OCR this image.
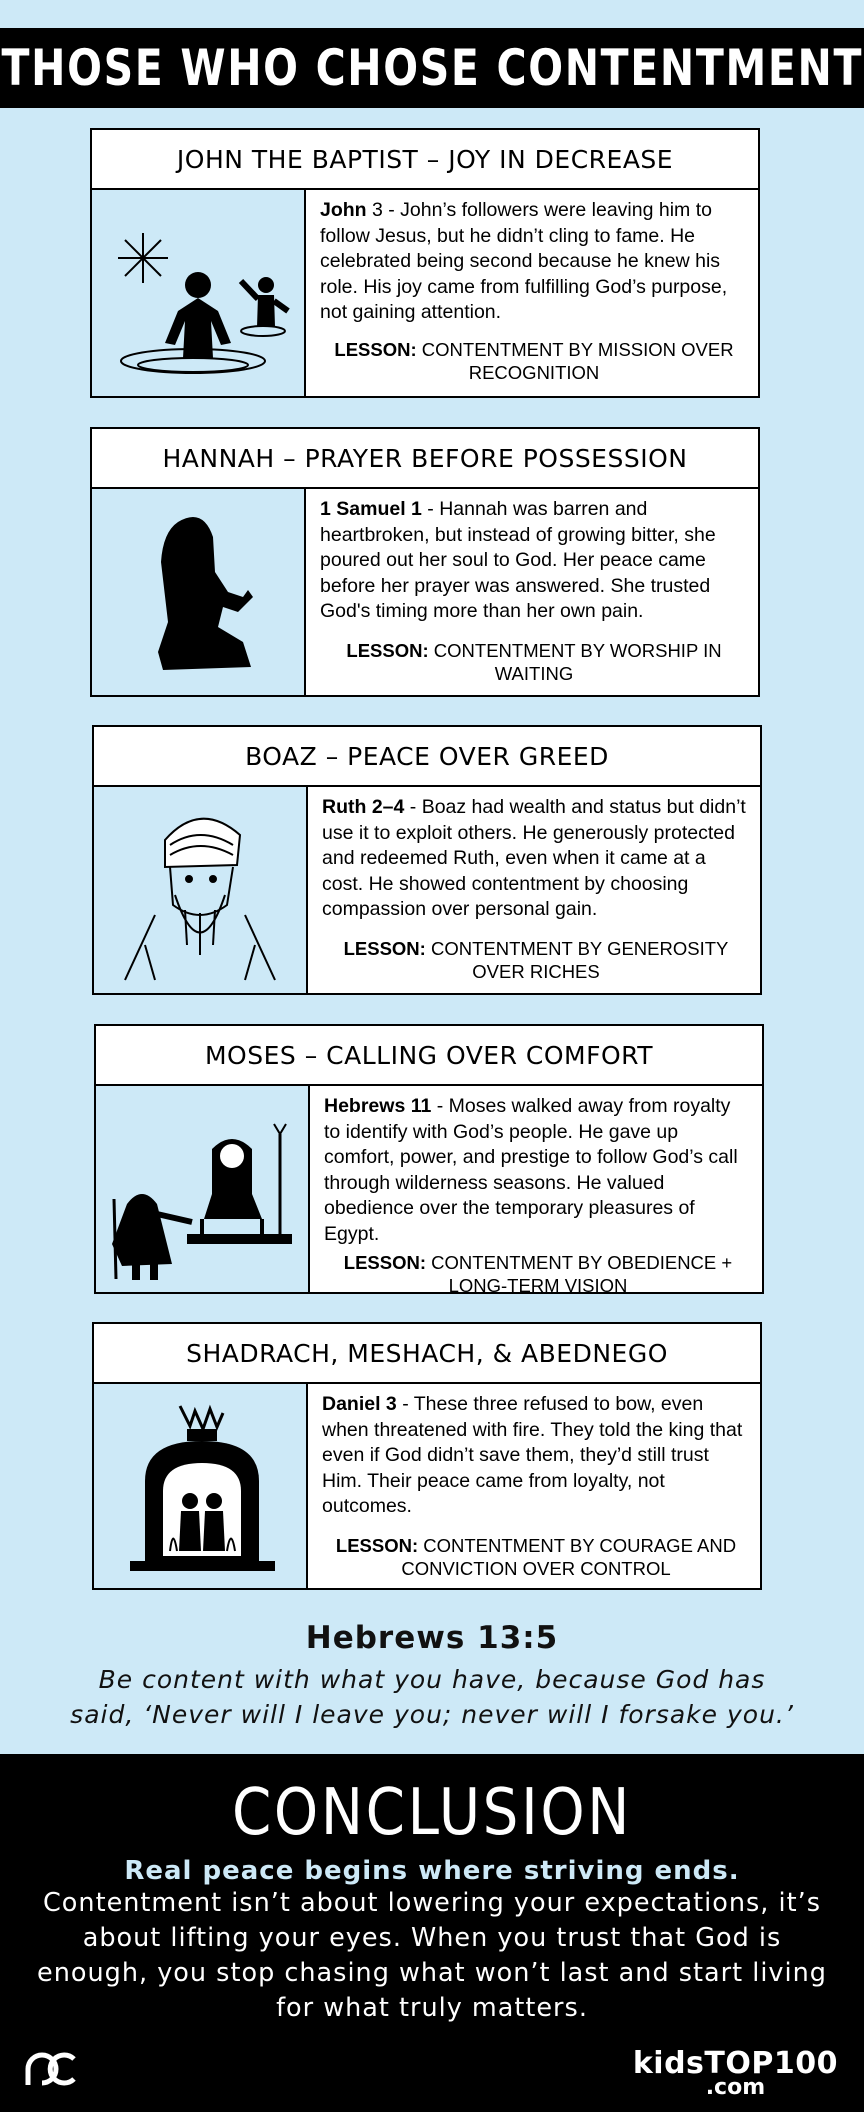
THOSE WHO CHOSE CONTENTMENT
JOHN THE BAPTIST – JOY IN DECREASE
John 3 - John’s followers were leaving him to follow Jesus, but he didn’t cling to fame. He celebrated being second because he knew his role. His joy came from fulfilling God’s purpose, not gaining attention.
LESSON: CONTENTMENT BY MISSION OVER RECOGNITION
HANNAH – PRAYER BEFORE POSSESSION
1 Samuel 1 - Hannah was barren and heartbroken, but instead of growing bitter, she poured out her soul to God. Her peace came before her prayer was answered. She trusted God's timing more than her own pain.
LESSON: CONTENTMENT BY WORSHIP IN WAITING
BOAZ – PEACE OVER GREED
Ruth 2–4 - Boaz had wealth and status but didn’t use it to exploit others. He generously protected and redeemed Ruth, even when it came at a cost. He showed contentment by choosing compassion over personal gain.
LESSON: CONTENTMENT BY GENEROSITY OVER RICHES
MOSES – CALLING OVER COMFORT
Hebrews 11 - Moses walked away from royalty to identify with God’s people. He gave up comfort, power, and prestige to follow God’s call through wilderness seasons. He valued obedience over the temporary pleasures of Egypt.
LESSON: CONTENTMENT BY OBEDIENCE + LONG-TERM VISION
SHADRACH, MESHACH, & ABEDNEGO
Daniel 3 - These three refused to bow, even when threatened with fire. They told the king that even if God didn’t save them, they’d still trust Him. Their peace came from loyalty, not outcomes.
LESSON: CONTENTMENT BY COURAGE AND CONVICTION OVER CONTROL
Hebrews 13:5
Be content with what you have, because God has
said, ‘Never will I leave you; never will I forsake you.’
CONCLUSION
Real peace begins where striving ends.
Contentment isn’t about lowering your expectations, it’s about lifting your eyes. When you trust that God is enough, you stop chasing what won’t last and start living for what truly matters.
kidsTOP100
.com
